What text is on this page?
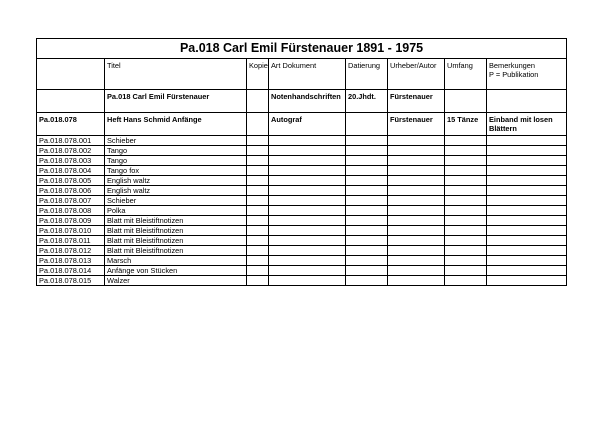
Pa.018 Carl Emil Fürstenauer 1891 - 1975							
	Titel	Kopie	Art Dokument	Datierung	Urheber/Autor	Umfang	Bemerkungen
P = Publikation
	Pa.018 Carl Emil Fürstenauer		Notenhandschriften	20.Jhdt.	Fürstenauer		
Pa.018.078	Heft Hans Schmid Anfänge		Autograf		Fürstenauer	15 Tänze	Einband mit losen Blättern
Pa.018.078.001	Schieber						
Pa.018.078.002	Tango						
Pa.018.078.003	Tango						
Pa.018.078.004	Tango fox						
Pa.018.078.005	English waltz						
Pa.018.078.006	English waltz						
Pa.018.078.007	Schieber						
Pa.018.078.008	Polka						
Pa.018.078.009	Blatt mit Bleistiftnotizen						
Pa.018.078.010	Blatt mit Bleistiftnotizen						
Pa.018.078.011	Blatt mit Bleistiftnotizen						
Pa.018.078.012	Blatt mit Bleistiftnotizen						
Pa.018.078.013	Marsch						
Pa.018.078.014	Anfänge von Stücken						
Pa.018.078.015	Walzer						
